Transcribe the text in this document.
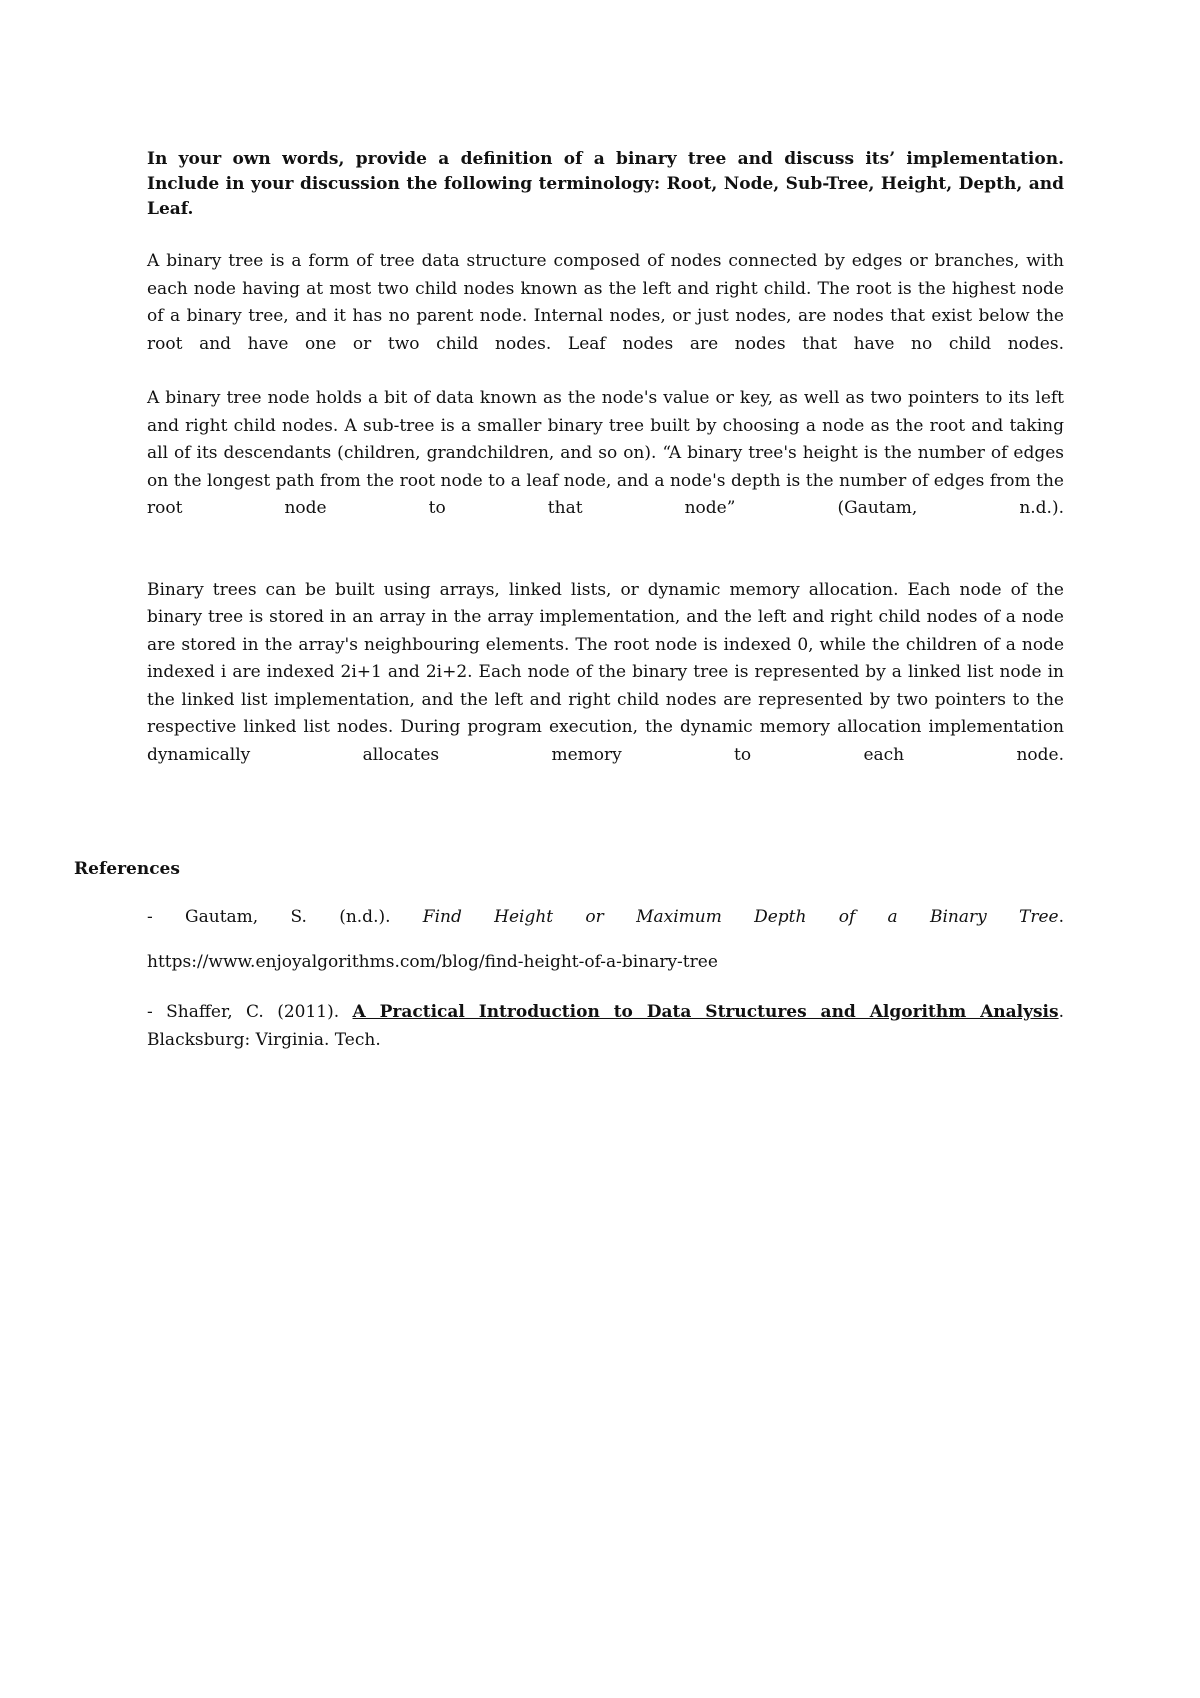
In your own words, provide a definition of a binary tree and discuss its’ implementation. Include in your discussion the following terminology: Root, Node, Sub-Tree, Height, Depth, and Leaf.

A binary tree is a form of tree data structure composed of nodes connected by edges or branches, with each node having at most two child nodes known as the left and right child. The root is the highest node of a binary tree, and it has no parent node. Internal nodes, or just nodes, are nodes that exist below the root and have one or two child nodes. Leaf nodes are nodes that have no child nodes.

A binary tree node holds a bit of data known as the node's value or key, as well as two pointers to its left and right child nodes. A sub-tree is a smaller binary tree built by choosing a node as the root and taking all of its descendants (children, grandchildren, and so on). “A binary tree's height is the number of edges on the longest path from the root node to a leaf node, and a node's depth is the number of edges from the root node to that node” (Gautam, n.d.).

Binary trees can be built using arrays, linked lists, or dynamic memory allocation. Each node of the binary tree is stored in an array in the array implementation, and the left and right child nodes of a node are stored in the array's neighbouring elements. The root node is indexed 0, while the children of a node indexed i are indexed 2i+1 and 2i+2. Each node of the binary tree is represented by a linked list node in the linked list implementation, and the left and right child nodes are represented by two pointers to the respective linked list nodes. During program execution, the dynamic memory allocation implementation dynamically allocates memory to each node.

References

- Gautam, S. (n.d.). Find Height or Maximum Depth of a Binary Tree.

https://www.enjoyalgorithms.com/blog/find-height-of-a-binary-tree

- Shaffer, C. (2011). A Practical Introduction to Data Structures and Algorithm Analysis.
Blacksburg: Virginia. Tech.
